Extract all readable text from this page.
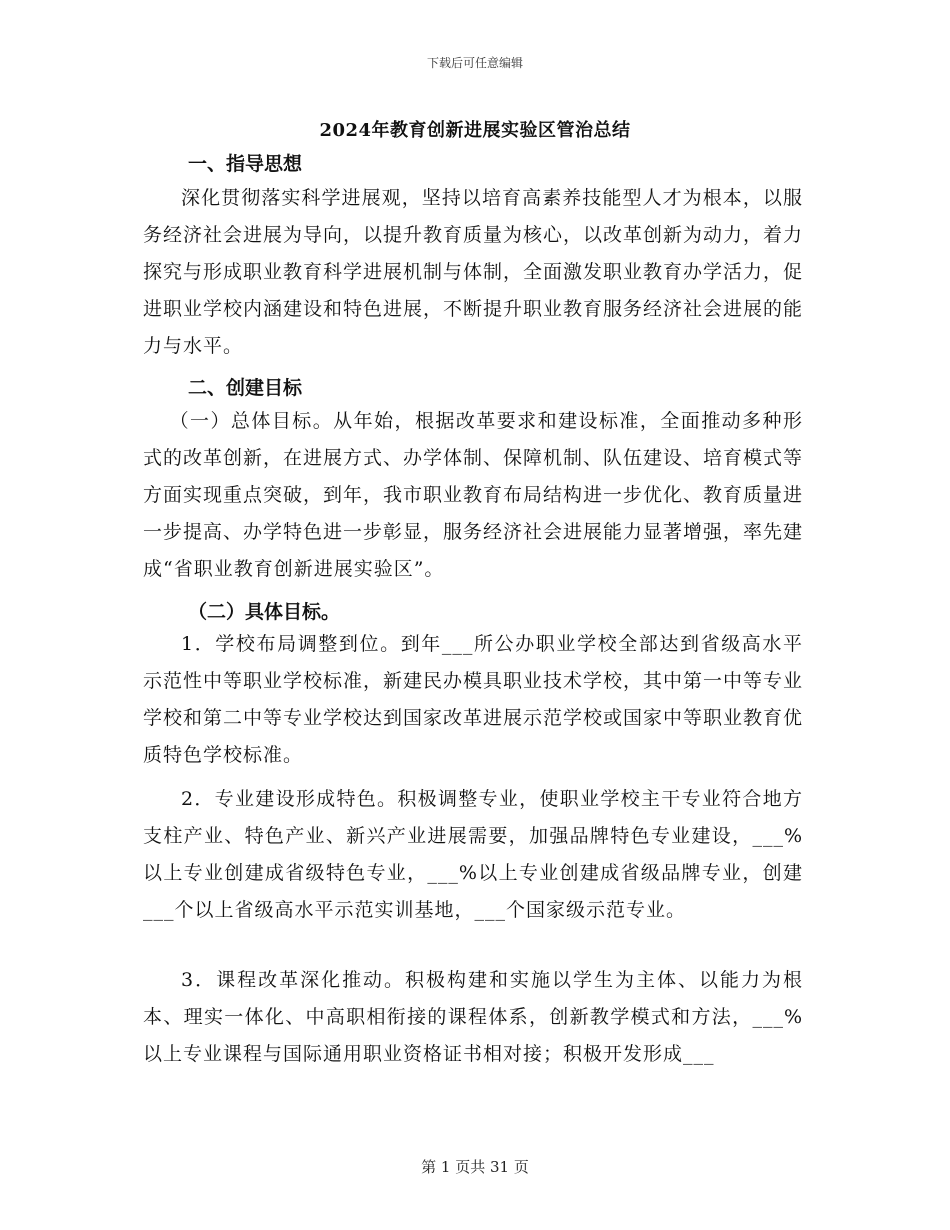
下载后可任意编辑
2024年教育创新进展实验区管治总结
一、指导思想
深化贯彻落实科学进展观，坚持以培育高素养技能型人才为根本，以服务经济社会进展为导向，以提升教育质量为核心，以改革创新为动力，着力探究与形成职业教育科学进展机制与体制，全面激发职业教育办学活力，促进职业学校内涵建设和特色进展，不断提升职业教育服务经济社会进展的能力与水平。
二、创建目标
（一）总体目标。从年始，根据改革要求和建设标准，全面推动多种形式的改革创新，在进展方式、办学体制、保障机制、队伍建设、培育模式等方面实现重点突破，到年，我市职业教育布局结构进一步优化、教育质量进一步提高、办学特色进一步彰显，服务经济社会进展能力显著增强，率先建成“省职业教育创新进展实验区”。
（二）具体目标。
1．学校布局调整到位。到年___所公办职业学校全部达到省级高水平示范性中等职业学校标准，新建民办模具职业技术学校，其中第一中等专业学校和第二中等专业学校达到国家改革进展示范学校或国家中等职业教育优质特色学校标准。
2．专业建设形成特色。积极调整专业，使职业学校主干专业符合地方支柱产业、特色产业、新兴产业进展需要，加强品牌特色专业建设，___%以上专业创建成省级特色专业，___%以上专业创建成省级品牌专业，创建___个以上省级高水平示范实训基地，___个国家级示范专业。
3．课程改革深化推动。积极构建和实施以学生为主体、以能力为根本、理实一体化、中高职相衔接的课程体系，创新教学模式和方法，___%以上专业课程与国际通用职业资格证书相对接；积极开发形成___
第 1 页共 31 页
